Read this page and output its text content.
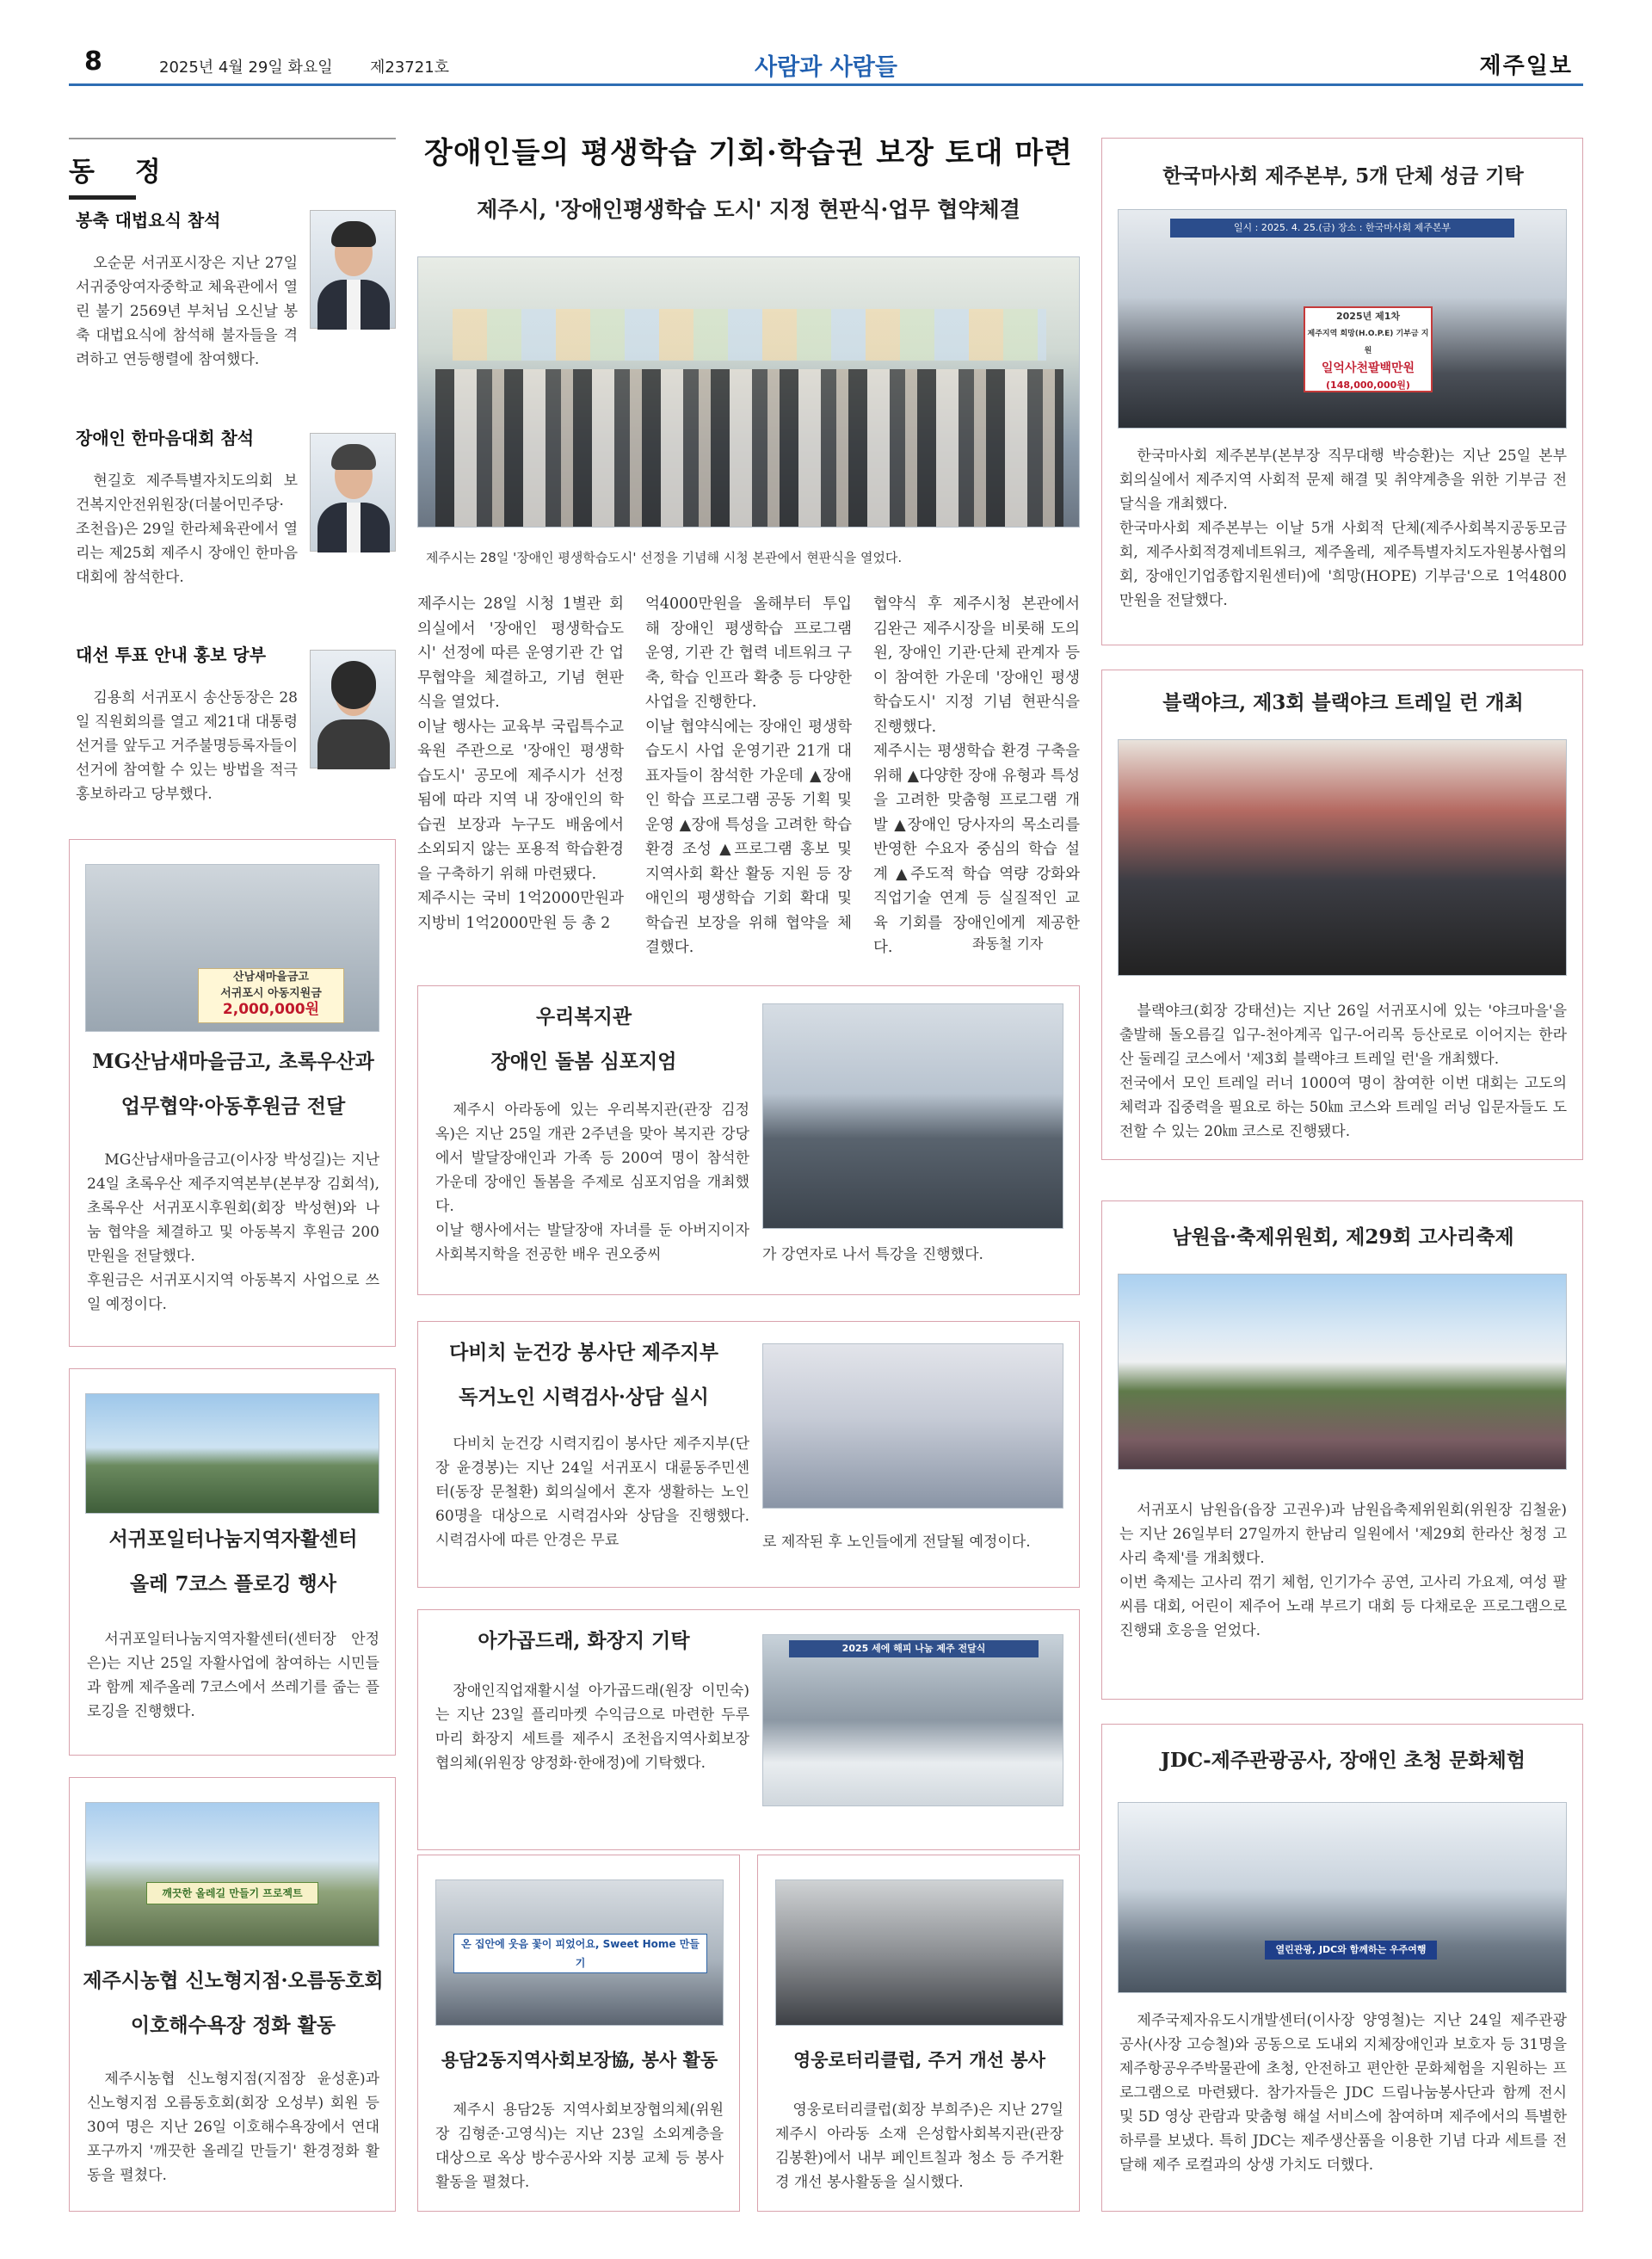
8	2025년 4월 29일 화요일 제23721호	사람과 사람들	제주일보
동 정
봉축 대법요식 참석
오순문 서귀포시장은 지난 27일 서귀중앙여자중학교 체육관에서 열린 불기 2569년 부처님 오신날 봉축 대법요식에 참석해 불자들을 격려하고 연등행렬에 참여했다.
장애인 한마음대회 참석
현길호 제주특별자치도의회 보건복지안전위원장(더불어민주당·조천읍)은 29일 한라체육관에서 열리는 제25회 제주시 장애인 한마음대회에 참석한다.
대선 투표 안내 홍보 당부
김용희 서귀포시 송산동장은 28일 직원회의를 열고 제21대 대통령선거를 앞두고 거주불명등록자들이 선거에 참여할 수 있는 방법을 적극 홍보하라고 당부했다.
산남새마을금고
서귀포시 아동지원금
2,000,000원
MG산남새마을금고, 초록우산과
업무협약·아동후원금 전달
MG산남새마을금고(이사장 박성길)는 지난 24일 초록우산 제주지역본부(본부장 김회석), 초록우산 서귀포시후원회(회장 박성현)와 나눔 협약을 체결하고 및 아동복지 후원금 200만원을 전달했다.
후원금은 서귀포시지역 아동복지 사업으로 쓰일 예정이다.
서귀포일터나눔지역자활센터
올레 7코스 플로깅 행사
서귀포일터나눔지역자활센터(센터장 안정은)는 지난 25일 자활사업에 참여하는 시민들과 함께 제주올레 7코스에서 쓰레기를 줍는 플로깅을 진행했다.
깨끗한 올레길 만들기 프로젝트
제주시농협 신노형지점·오름동호회
이호해수욕장 정화 활동
제주시농협 신노형지점(지점장 윤성훈)과 신노형지점 오름동호회(회장 오성부) 회원 등 30여 명은 지난 26일 이호해수욕장에서 연대포구까지 '깨끗한 올레길 만들기' 환경정화 활동을 펼쳤다.
장애인들의 평생학습 기회·학습권 보장 토대 마련
제주시, '장애인평생학습 도시' 지정 현판식·업무 협약체결
제주시는 28일 '장애인 평생학습도시' 선정을 기념해 시청 본관에서 현판식을 열었다.
제주시는 28일 시청 1별관 회의실에서 '장애인 평생학습도시' 선정에 따른 운영기관 간 업무협약을 체결하고, 기념 현판식을 열었다.
이날 행사는 교육부 국립특수교육원 주관으로 '장애인 평생학습도시' 공모에 제주시가 선정됨에 따라 지역 내 장애인의 학습권 보장과 누구도 배움에서 소외되지 않는 포용적 학습환경을 구축하기 위해 마련됐다.
제주시는 국비 1억2000만원과 지방비 1억2000만원 등 총 2
억4000만원을 올해부터 투입해 장애인 평생학습 프로그램 운영, 기관 간 협력 네트워크 구축, 학습 인프라 확충 등 다양한 사업을 진행한다.
이날 협약식에는 장애인 평생학습도시 사업 운영기관 21개 대표자들이 참석한 가운데 ▲장애인 학습 프로그램 공동 기획 및 운영 ▲장애 특성을 고려한 학습환경 조성 ▲프로그램 홍보 및 지역사회 확산 활동 지원 등 장애인의 평생학습 기회 확대 및 학습권 보장을 위해 협약을 체결했다.
협약식 후 제주시청 본관에서 김완근 제주시장을 비롯해 도의원, 장애인 기관·단체 관계자 등이 참여한 가운데 '장애인 평생학습도시' 지정 기념 현판식을 진행했다.
제주시는 평생학습 환경 구축을 위해 ▲다양한 장애 유형과 특성을 고려한 맞춤형 프로그램 개발 ▲장애인 당사자의 목소리를 반영한 수요자 중심의 학습 설계 ▲주도적 학습 역량 강화와 직업기술 연계 등 실질적인 교육 기회를 장애인에게 제공한다.	좌동철 기자
우리복지관
장애인 돌봄 심포지엄
제주시 아라동에 있는 우리복지관(관장 김정옥)은 지난 25일 개관 2주년을 맞아 복지관 강당에서 발달장애인과 가족 등 200여 명이 참석한 가운데 장애인 돌봄을 주제로 심포지엄을 개최했다.
이날 행사에서는 발달장애 자녀를 둔 아버지이자 사회복지학을 전공한 배우 권오중씨	가 강연자로 나서 특강을 진행했다.
다비치 눈건강 봉사단 제주지부
독거노인 시력검사·상담 실시
다비치 눈건강 시력지킴이 봉사단 제주지부(단장 윤경봉)는 지난 24일 서귀포시 대륜동주민센터(동장 문철환) 회의실에서 혼자 생활하는 노인 60명을 대상으로 시력검사와 상담을 진행했다. 시력검사에 따른 안경은 무료	로 제작된 후 노인들에게 전달될 예정이다.
아가곱드래, 화장지 기탁
장애인직업재활시설 아가곱드래(원장 이민숙)는 지난 23일 플리마켓 수익금으로 마련한 두루마리 화장지 세트를 제주시 조천읍지역사회보장협의체(위원장 양정화·한애정)에 기탁했다.
2025 세에 해피 나눔 제주 전달식
온 집안에 웃음 꽃이 피었어요, Sweet Home 만들기
용담2동지역사회보장協, 봉사 활동
제주시 용담2동 지역사회보장협의체(위원장 김형준·고영식)는 지난 23일 소외계층을 대상으로 옥상 방수공사와 지붕 교체 등 봉사활동을 펼쳤다.
영웅로터리클럽, 주거 개선 봉사
영웅로터리클럽(회장 부희주)은 지난 27일 제주시 아라동 소재 은성합사회복지관(관장 김봉환)에서 내부 페인트칠과 청소 등 주거환경 개선 봉사활동을 실시했다.
한국마사회 제주본부, 5개 단체 성금 기탁
일시 : 2025. 4. 25.(금) 장소 : 한국마사회 제주본부
2025년 제1차
제주지역 희망(H.O.P.E) 기부금 지원
일억사천팔백만원
(148,000,000원)
한국마사회 제주본부(본부장 직무대행 박승환)는 지난 25일 본부 회의실에서 제주지역 사회적 문제 해결 및 취약계층을 위한 기부금 전달식을 개최했다.
한국마사회 제주본부는 이날 5개 사회적 단체(제주사회복지공동모금회, 제주사회적경제네트워크, 제주올레, 제주특별자치도자원봉사협의회, 장애인기업종합지원센터)에 '희망(HOPE) 기부금'으로 1억4800만원을 전달했다.
블랙야크, 제3회 블랙야크 트레일 런 개최
블랙야크(회장 강태선)는 지난 26일 서귀포시에 있는 '야크마을'을 출발해 돌오름길 입구-천아계곡 입구-어리목 등산로로 이어지는 한라산 둘레길 코스에서 '제3회 블랙야크 트레일 런'을 개최했다.
전국에서 모인 트레일 러너 1000여 명이 참여한 이번 대회는 고도의 체력과 집중력을 필요로 하는 50㎞ 코스와 트레일 러닝 입문자들도 도전할 수 있는 20㎞ 코스로 진행됐다.
남원읍·축제위원회, 제29회 고사리축제
서귀포시 남원읍(읍장 고권우)과 남원읍축제위원회(위원장 김철윤)는 지난 26일부터 27일까지 한남리 일원에서 '제29회 한라산 청정 고사리 축제'를 개최했다.
이번 축제는 고사리 꺾기 체험, 인기가수 공연, 고사리 가요제, 여성 팔씨름 대회, 어린이 제주어 노래 부르기 대회 등 다채로운 프로그램으로 진행돼 호응을 얻었다.
JDC-제주관광공사, 장애인 초청 문화체험
열린관광, JDC와 함께하는 우주여행
제주국제자유도시개발센터(이사장 양영철)는 지난 24일 제주관광공사(사장 고승철)와 공동으로 도내외 지체장애인과 보호자 등 31명을 제주항공우주박물관에 초청, 안전하고 편안한 문화체험을 지원하는 프로그램으로 마련됐다. 참가자들은 JDC 드림나눔봉사단과 함께 전시 및 5D 영상 관람과 맞춤형 해설 서비스에 참여하며 제주에서의 특별한 하루를 보냈다. 특히 JDC는 제주생산품을 이용한 기념 다과 세트를 전달해 제주 로컬과의 상생 가치도 더했다.
